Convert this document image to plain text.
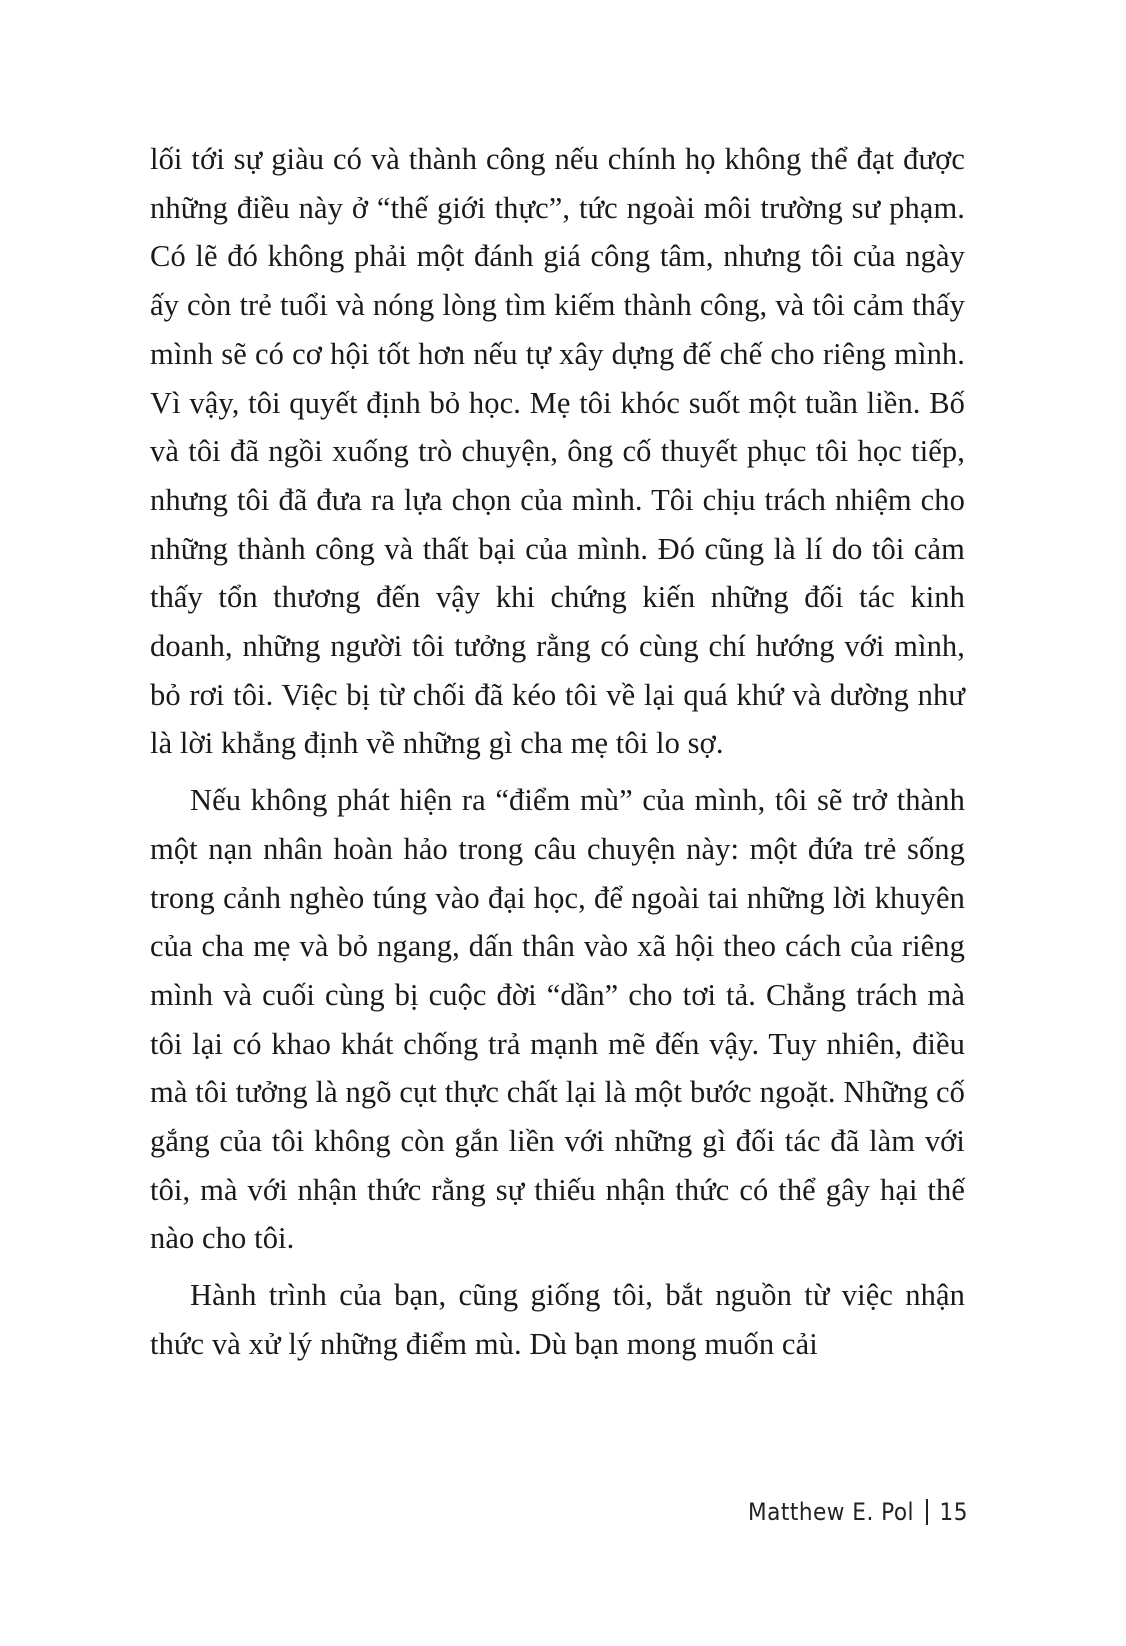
lối tới sự giàu có và thành công nếu chính họ không thể đạt được những điều này ở “thế giới thực”, tức ngoài môi trường sư phạm. Có lẽ đó không phải một đánh giá công tâm, nhưng tôi của ngày ấy còn trẻ tuổi và nóng lòng tìm kiếm thành công, và tôi cảm thấy mình sẽ có cơ hội tốt hơn nếu tự xây dựng đế chế cho riêng mình. Vì vậy, tôi quyết định bỏ học. Mẹ tôi khóc suốt một tuần liền. Bố và tôi đã ngồi xuống trò chuyện, ông cố thuyết phục tôi học tiếp, nhưng tôi đã đưa ra lựa chọn của mình. Tôi chịu trách nhiệm cho những thành công và thất bại của mình. Đó cũng là lí do tôi cảm thấy tổn thương đến vậy khi chứng kiến những đối tác kinh doanh, những người tôi tưởng rằng có cùng chí hướng với mình, bỏ rơi tôi. Việc bị từ chối đã kéo tôi về lại quá khứ và dường như là lời khẳng định về những gì cha mẹ tôi lo sợ.

Nếu không phát hiện ra “điểm mù” của mình, tôi sẽ trở thành một nạn nhân hoàn hảo trong câu chuyện này: một đứa trẻ sống trong cảnh nghèo túng vào đại học, để ngoài tai những lời khuyên của cha mẹ và bỏ ngang, dấn thân vào xã hội theo cách của riêng mình và cuối cùng bị cuộc đời “dần” cho tơi tả. Chẳng trách mà tôi lại có khao khát chống trả mạnh mẽ đến vậy. Tuy nhiên, điều mà tôi tưởng là ngõ cụt thực chất lại là một bước ngoặt. Những cố gắng của tôi không còn gắn liền với những gì đối tác đã làm với tôi, mà với nhận thức rằng sự thiếu nhận thức có thể gây hại thế nào cho tôi.

Hành trình của bạn, cũng giống tôi, bắt nguồn từ việc nhận thức và xử lý những điểm mù. Dù bạn mong muốn cải

Matthew E. Pol 15
